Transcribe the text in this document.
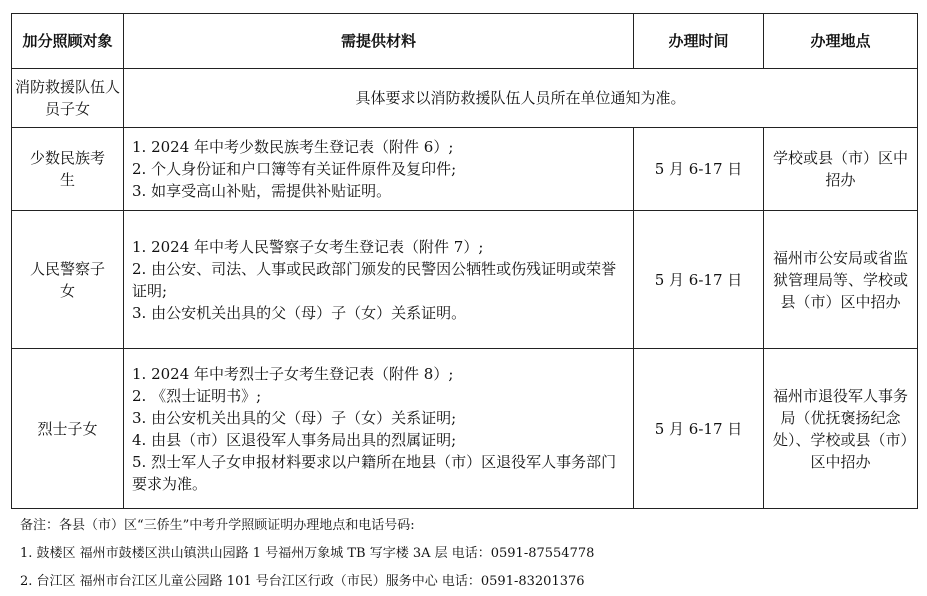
加分照顾对象	需提供材料	办理时间	办理地点
消防救援队伍人员子女	具体要求以消防救援队伍人员所在单位通知为准。		

少数民族考生	1. 2024 年中考少数民族考生登记表（附件 6）;
2. 个人身份证和户口簿等有关证件原件及复印件;
3. 如享受高山补贴，需提供补贴证明。	5 月 6-17 日	学校或县（市）区中招办

人民警察子女	1. 2024 年中考人民警察子女考生登记表（附件 7）;
2. 由公安、司法、人事或民政部门颁发的民警因公牺牲或伤残证明或荣誉证明;
3. 由公安机关出具的父（母）子（女）关系证明。	5 月 6-17 日	福州市公安局或省监狱管理局等、学校或县（市）区中招办
烈士子女	1. 2024 年中考烈士子女考生登记表（附件 8）;
2. 《烈士证明书》;
3. 由公安机关出具的父（母）子（女）关系证明;
4. 由县（市）区退役军人事务局出具的烈属证明;
5. 烈士军人子女申报材料要求以户籍所在地县（市）区退役军人事务部门要求为准。	5 月 6-17 日	福州市退役军人事务局（优抚褒扬纪念处）、学校或县（市）区中招办
备注：各县（市）区“三侨生”中考升学照顾证明办理地点和电话号码:
1. 鼓楼区 福州市鼓楼区洪山镇洪山园路 1 号福州万象城 TB 写字楼 3A 层 电话：0591-87554778
2. 台江区 福州市台江区儿童公园路 101 号台江区行政（市民）服务中心 电话：0591-83201376
